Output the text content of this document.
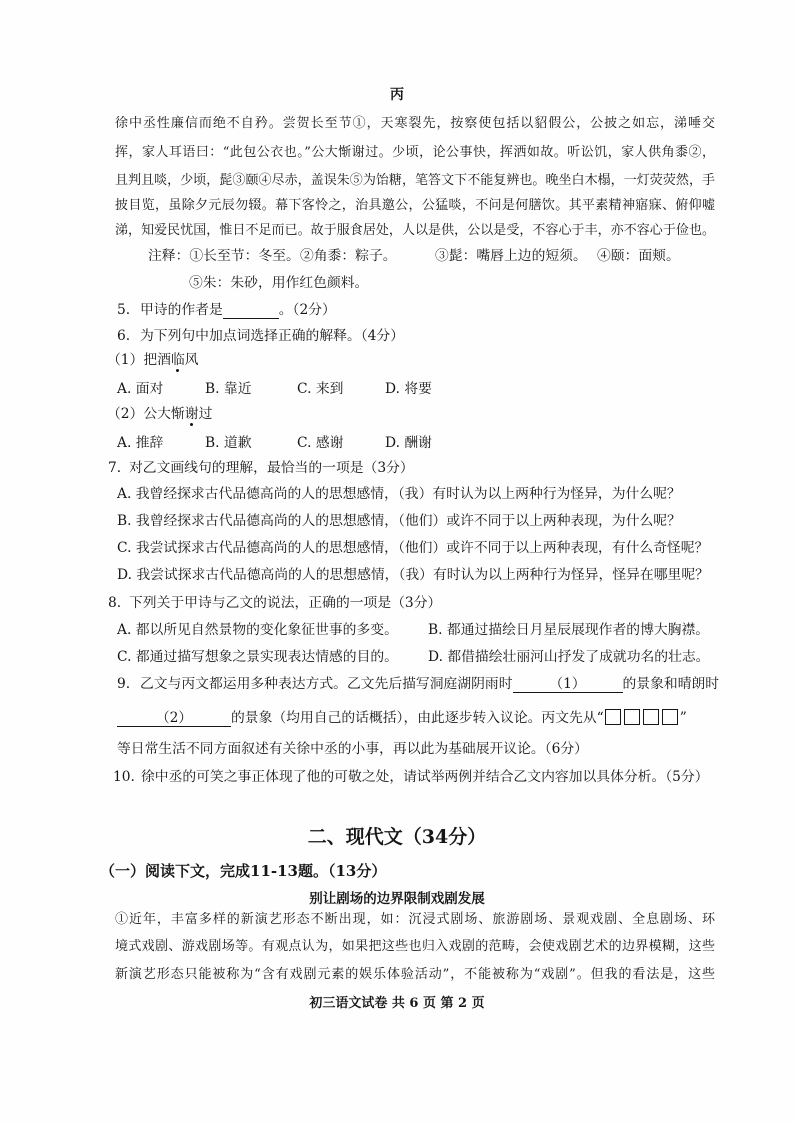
丙
徐中丞性廉信而绝不自矜。尝贺长至节①，天寒裂先，按察使包括以貂假公，公披之如忘，涕唾交
挥，家人耳语曰：“此包公衣也。”公大惭谢过。少顷，论公事快，挥洒如故。听讼饥，家人供角黍②，
且判且啖，少顷，髭③颐④尽赤，盖误朱⑤为饴糖，笔答文下不能复辨也。晚坐白木榻，一灯荧荧然，手
披目览，虽除夕元辰勿辍。幕下客怜之，治具邀公，公猛啖，不问是何膳饮。其平素精神寤寐、俯仰嘘
涕，知爱民忧国，惟日不足而已。故于服食居处，人以是供，公以是受，不容心于丰，亦不容心于俭也。
注释：①长至节：冬至。 ②角黍：粽子。	③髭：嘴唇上边的短须。 ④颐：面颊。
⑤朱：朱砂，用作红色颜料。
5. 甲诗的作者是	。（2分）
6. 为下列句中加点词选择正确的解释。（4分）
（1）把酒临风
A. 面对	B. 靠近	C. 来到	D. 将要
（2）公大惭谢过
A. 推辞	B. 道歉	C. 感谢	D. 酬谢
7. 对乙文画线句的理解，最恰当的一项是（3分）
A. 我曾经探求古代品德高尚的人的思想感情，（我）有时认为以上两种行为怪异，为什么呢？
B. 我曾经探求古代品德高尚的人的思想感情，（他们）或许不同于以上两种表现，为什么呢？
C. 我尝试探求古代品德高尚的人的思想感情，（他们）或许不同于以上两种表现，有什么奇怪呢？
D. 我尝试探求古代品德高尚的人的思想感情，（我）有时认为以上两种行为怪异，怪异在哪里呢？
8. 下列关于甲诗与乙文的说法，正确的一项是（3分）
A. 都以所见自然景物的变化象征世事的多变。 B. 都通过描绘日月星辰展现作者的博大胸襟。
C. 都通过描写想象之景实现表达情感的目的。 D. 都借描绘壮丽河山抒发了成就功名的壮志。
9. 乙文与丙文都运用多种表达方式。乙文先后描写洞庭湖阴雨时	（1）	的景象和晴朗时
（2）	的景象（均用自己的话概括），由此逐步转入议论。丙文先从“	”
等日常生活不同方面叙述有关徐中丞的小事，再以此为基础展开议论。（6分）
10. 徐中丞的可笑之事正体现了他的可敬之处，请试举两例并结合乙文内容加以具体分析。（5分）
二、现代文（34分）
（一）阅读下文，完成11-13题。（13分）
别让剧场的边界限制戏剧发展
①近年，丰富多样的新演艺形态不断出现，如：沉浸式剧场、旅游剧场、景观戏剧、全息剧场、环
境式戏剧、游戏剧场等。有观点认为，如果把这些也归入戏剧的范畴，会使戏剧艺术的边界模糊，这些
新演艺形态只能被称为“含有戏剧元素的娱乐体验活动”，不能被称为“戏剧”。但我的看法是，这些
初三语文试卷 共 6 页 第 2 页
